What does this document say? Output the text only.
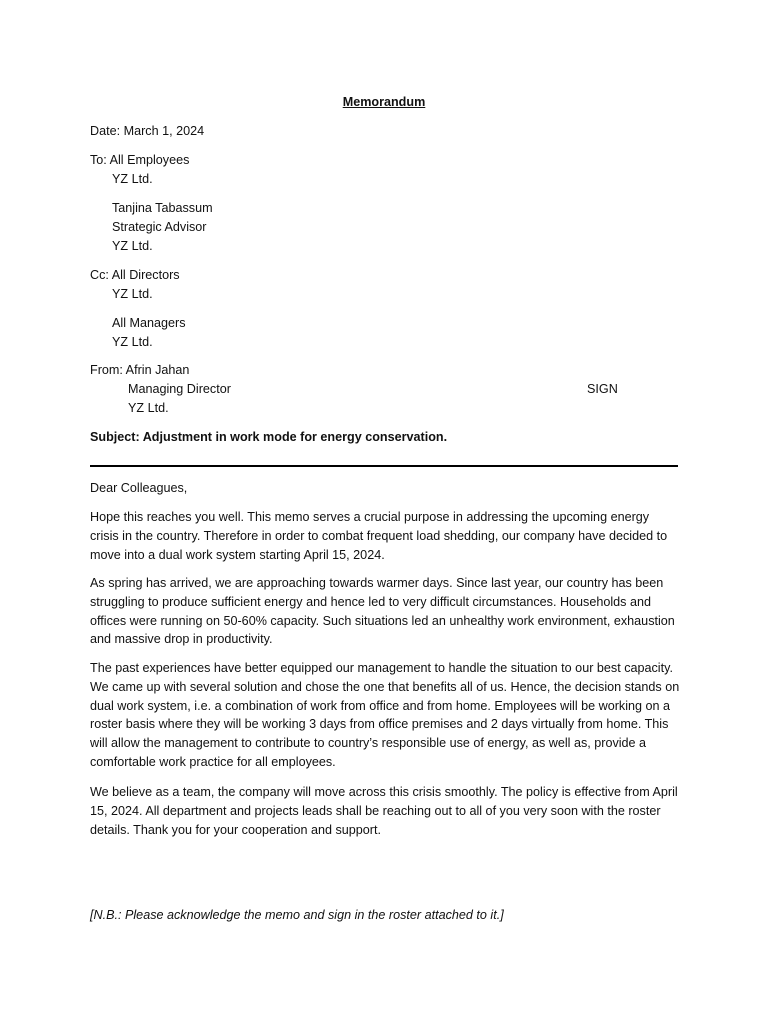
Memorandum
Date: March 1, 2024
To: All Employees
YZ Ltd.
Tanjina Tabassum
Strategic Advisor
YZ Ltd.
Cc: All Directors
YZ Ltd.
All Managers
YZ Ltd.
From: Afrin Jahan
Managing Director	SIGN
YZ Ltd.
Subject: Adjustment in work mode for energy conservation.
Dear Colleagues,
Hope this reaches you well. This memo serves a crucial purpose in addressing the upcoming energy crisis in the country. Therefore in order to combat frequent load shedding, our company have decided to move into a dual work system starting April 15, 2024.
As spring has arrived, we are approaching towards warmer days. Since last year, our country has been struggling to produce sufficient energy and hence led to very difficult circumstances. Households and offices were running on 50-60% capacity. Such situations led an unhealthy work environment, exhaustion and massive drop in productivity.
The past experiences have better equipped our management to handle the situation to our best capacity. We came up with several solution and chose the one that benefits all of us. Hence, the decision stands on dual work system, i.e. a combination of work from office and from home. Employees will be working on a roster basis where they will be working 3 days from office premises and 2 days virtually from home. This will allow the management to contribute to country’s responsible use of energy, as well as, provide a comfortable work practice for all employees.
We believe as a team, the company will move across this crisis smoothly. The policy is effective from April 15, 2024. All department and projects leads shall be reaching out to all of you very soon with the roster details. Thank you for your cooperation and support.
[N.B.: Please acknowledge the memo and sign in the roster attached to it.]
